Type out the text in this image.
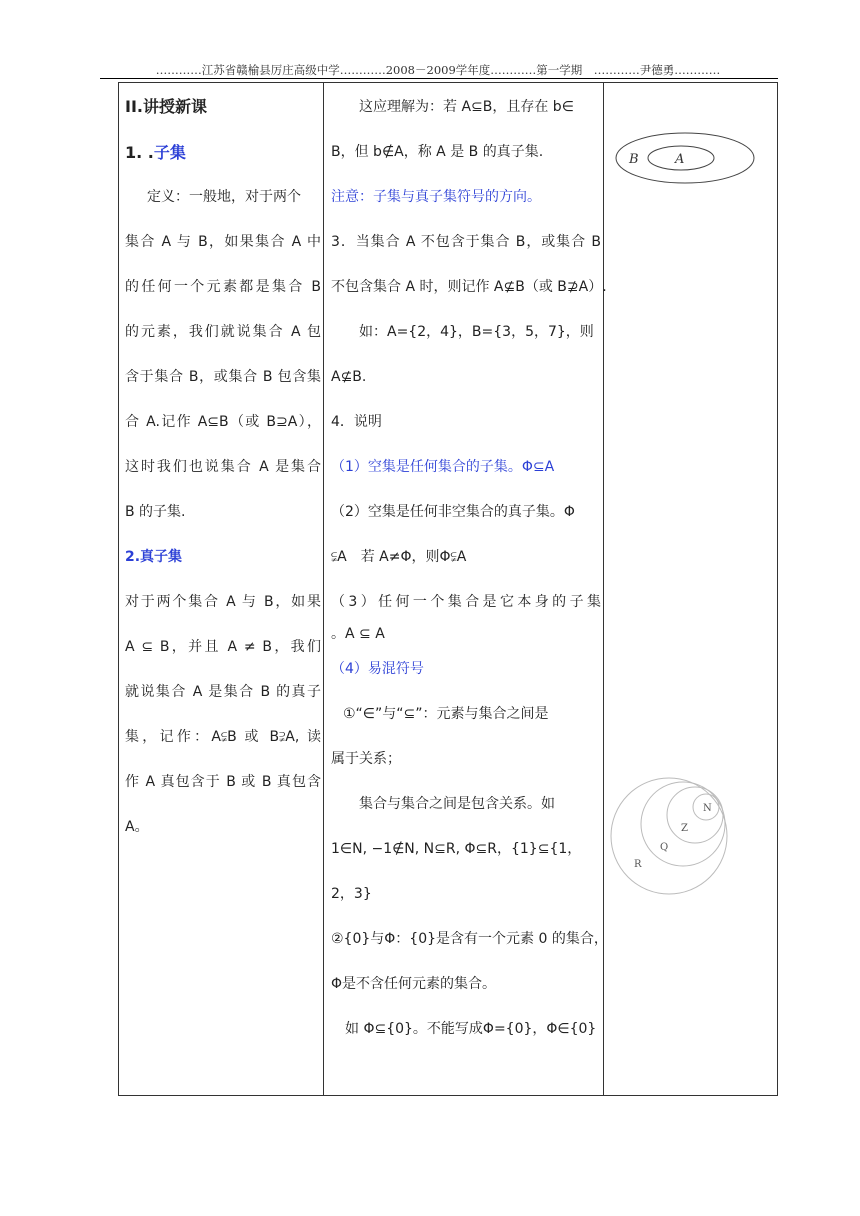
…………江苏省赣榆县厉庄高级中学…………2008－2009学年度…………第一学期　…………尹德勇…………
II.讲授新课
1. .子集
定义：一般地，对于两个
集合 A 与 B，如果集合 A 中
的任何一个元素都是集合 B
的元素，我们就说集合 A 包
含于集合 B，或集合 B 包含集
合 A.记作 A⊆B（或 B⊇A），
这时我们也说集合 A 是集合
B 的子集.
2.真子集
对于两个集合 A 与 B，如果
A ⊆ B，并且 A ≠ B，我们
就说集合 A 是集合 B 的真子
集，记作：A⫋B 或 B⫌A, 读
作 A 真包含于 B 或 B 真包含
A。
这应理解为：若 A⊆B，且存在 b∈
B，但 b∉A，称 A 是 B 的真子集.
注意：子集与真子集符号的方向。
3．当集合 A 不包含于集合 B，或集合 B
不包含集合 A 时，则记作 A⊈B（或 B⊉A）.
如：A={2，4}，B={3，5，7}，则
A⊈B.
4．说明
（1）空集是任何集合的子集。Φ⊆A
（2）空集是任何非空集合的真子集。Φ
⫋A　若 A≠Φ，则Φ⫋A
（3）任何一个集合是它本身的子集
。A ⊆ A
（4）易混符号
①“∈”与“⊆”：元素与集合之间是
属于关系；
集合与集合之间是包含关系。如
1∈N, −1∉N, N⊆R, Φ⊆R，{1}⊆{1，
2，3}
②{0}与Φ：{0}是含有一个元素 0 的集合，
Φ是不含任何元素的集合。
如 Φ⊆{0}。不能写成Φ={0}，Φ∈{0}
B	A
N
Z
Q
R
